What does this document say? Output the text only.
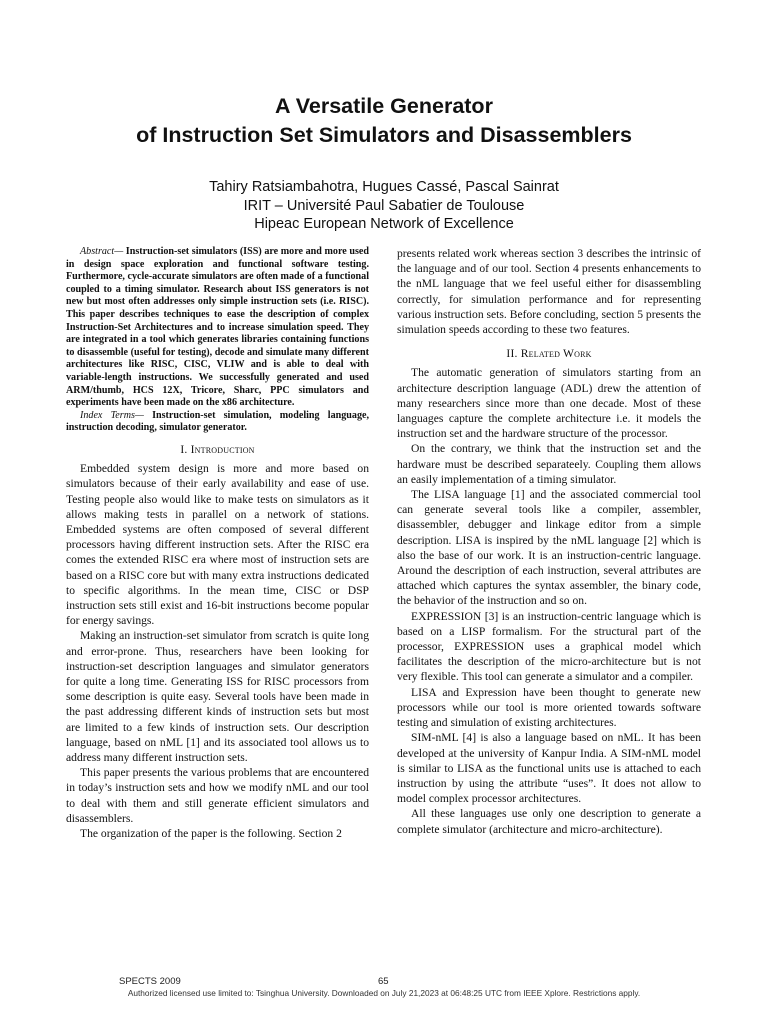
A Versatile Generator
of Instruction Set Simulators and Disassemblers
Tahiry Ratsiambahotra, Hugues Cassé, Pascal Sainrat
IRIT – Université Paul Sabatier de Toulouse
Hipeac European Network of Excellence

Abstract— Instruction-set simulators (ISS) are more and more used in design space exploration and functional software testing. Furthermore, cycle-accurate simulators are often made of a functional coupled to a timing simulator. Research about ISS generators is not new but most often addresses only simple instruction sets (i.e. RISC). This paper describes techniques to ease the description of complex Instruction-Set Architectures and to increase simulation speed. They are integrated in a tool which generates libraries containing functions to disassemble (useful for testing), decode and simulate many different architectures like RISC, CISC, VLIW and is able to deal with variable-length instructions. We successfully generated and used ARM/thumb, HCS 12X, Tricore, Sharc, PPC simulators and experiments have been made on the x86 architecture.

Index Terms— Instruction-set simulation, modeling language, instruction decoding, simulator generator.

I. Introduction

Embedded system design is more and more based on simulators because of their early availability and ease of use. Testing people also would like to make tests on simulators as it allows making tests in parallel on a network of stations. Embedded systems are often composed of several different processors having different instruction sets. After the RISC era comes the extended RISC era where most of instruction sets are based on a RISC core but with many extra instructions dedicated to specific algorithms. In the mean time, CISC or DSP instruction sets still exist and 16-bit instructions become popular for energy savings.

Making an instruction-set simulator from scratch is quite long and error-prone. Thus, researchers have been looking for instruction-set description languages and simulator generators for quite a long time. Generating ISS for RISC processors from some description is quite easy. Several tools have been made in the past addressing different kinds of instruction sets but most are limited to a few kinds of instruction sets. Our description language, based on nML [1] and its associated tool allows us to address many different instruction sets.

This paper presents the various problems that are encountered in today’s instruction sets and how we modify nML and our tool to deal with them and still generate efficient simulators and disassemblers.

The organization of the paper is the following. Section 2

presents related work whereas section 3 describes the intrinsic of the language and of our tool. Section 4 presents enhancements to the nML language that we feel useful either for disassembling correctly, for simulation performance and for representing various instruction sets. Before concluding, section 5 presents the simulation speeds according to these two features.

II. Related Work

The automatic generation of simulators starting from an architecture description language (ADL) drew the attention of many researchers since more than one decade. Most of these languages capture the complete architecture i.e. it models the instruction set and the hardware structure of the processor.

On the contrary, we think that the instruction set and the hardware must be described separateely. Coupling them allows an easily implementation of a timing simulator.

The LISA language [1] and the associated commercial tool can generate several tools like a compiler, assembler, disassembler, debugger and linkage editor from a simple description. LISA is inspired by the nML language [2] which is also the base of our work. It is an instruction-centric language. Around the description of each instruction, several attributes are attached which captures the syntax assembler, the binary code, the behavior of the instruction and so on.

EXPRESSION [3] is an instruction-centric language which is based on a LISP formalism. For the structural part of the processor, EXPRESSION uses a graphical model which facilitates the description of the micro-architecture but is not very flexible. This tool can generate a simulator and a compiler.

LISA and Expression have been thought to generate new processors while our tool is more oriented towards software testing and simulation of existing architectures.

SIM-nML [4] is also a language based on nML. It has been developed at the university of Kanpur India. A SIM-nML model is similar to LISA as the functional units use is attached to each instruction by using the attribute “uses”. It does not allow to model complex processor architectures.

All these languages use only one description to generate a complete simulator (architecture and micro-architecture).

SPECTS 2009	65
Authorized licensed use limited to: Tsinghua University. Downloaded on July 21,2023 at 06:48:25 UTC from IEEE Xplore. Restrictions apply.
